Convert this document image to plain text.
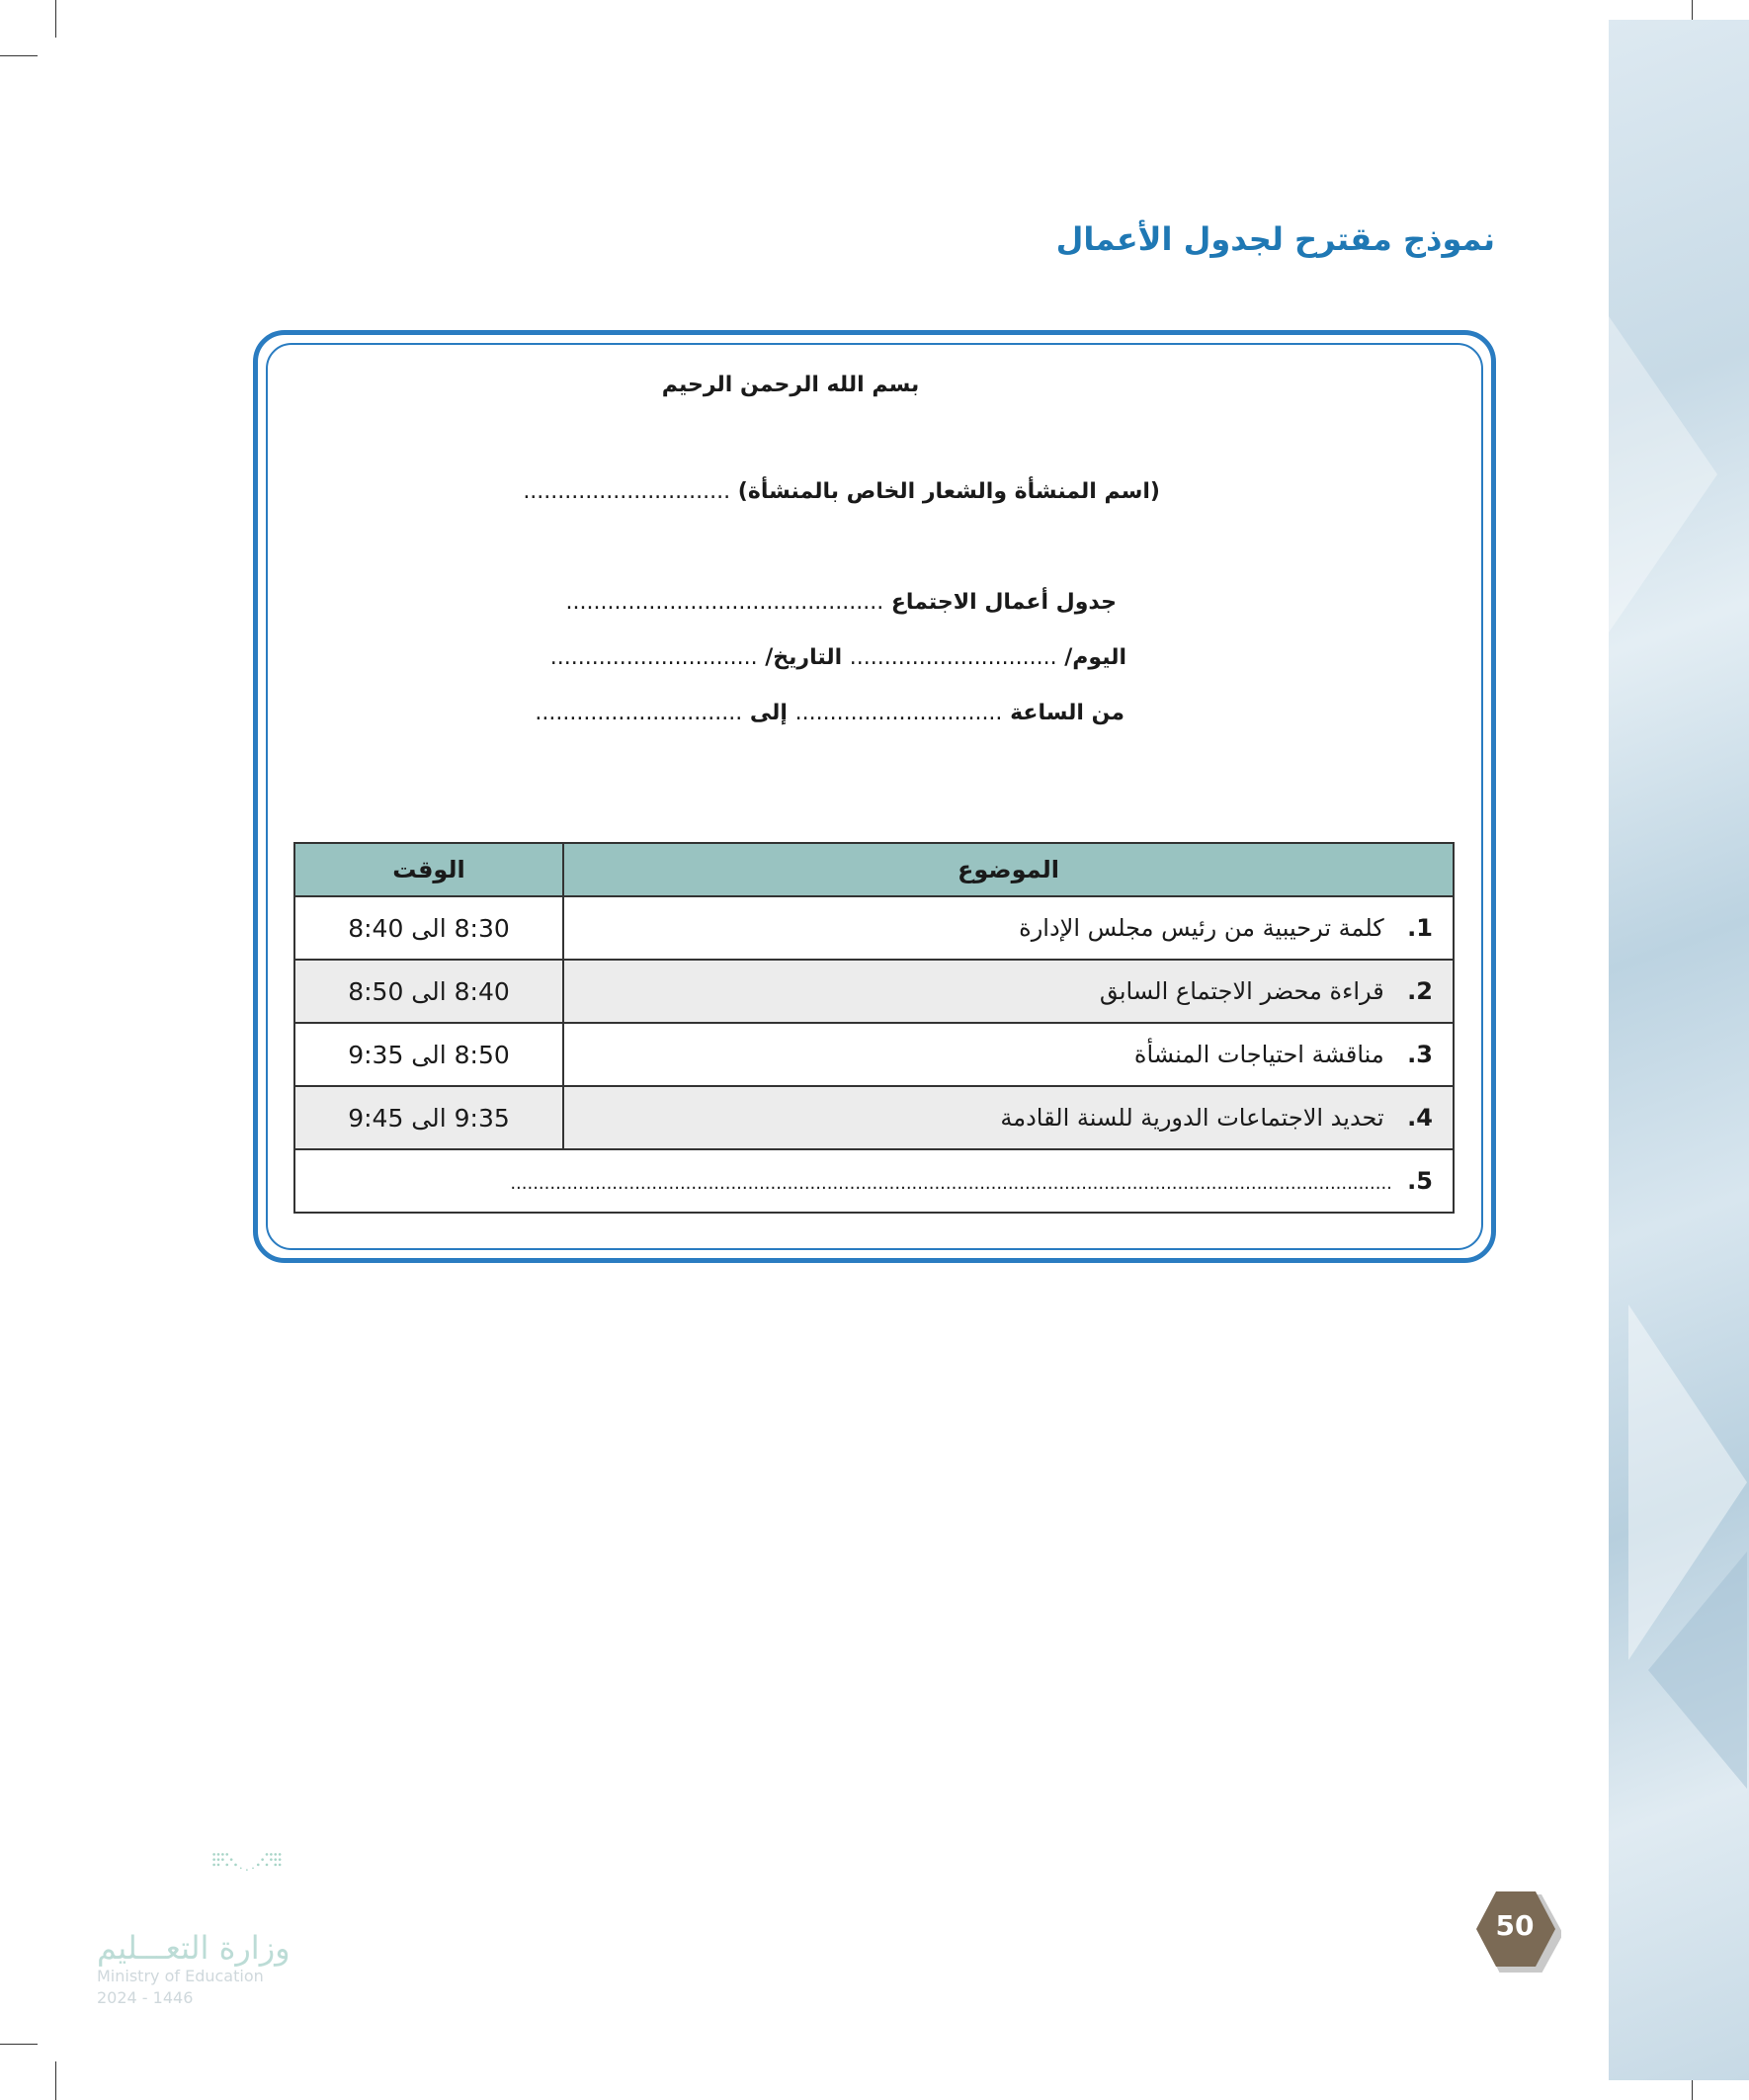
نموذج مقترح لجدول الأعمال
بسم الله الرحمن الرحيم
(اسم المنشأة والشعار الخاص بالمنشأة) ..............................
جدول أعمال الاجتماع ..............................................
اليوم/ .............................. التاريخ/ ..............................
من الساعة .............................. إلى ..............................
الموضوع	الوقت
1.  كلمة ترحيبية من رئيس مجلس الإدارة	8:30 الى 8:40
2.  قراءة محضر الاجتماع السابق	8:40 الى 8:50
3.  مناقشة احتياجات المنشأة	8:50 الى 9:35
4.  تحديد الاجتماعات الدورية للسنة القادمة	9:35 الى 9:45
5.  ............................................................................................................................................................	
50
وزارة التعـــليم
Ministry of Education
2024 - 1446
